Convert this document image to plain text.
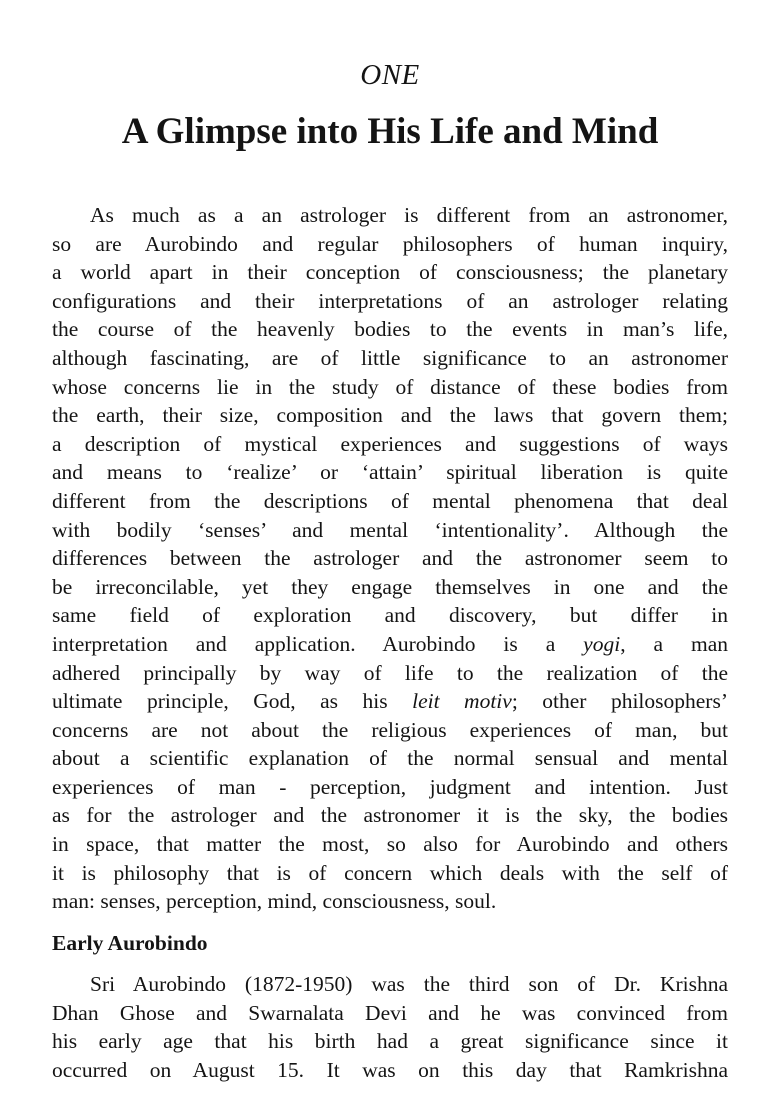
ONE
A Glimpse into His Life and Mind

As much as a an astrologer is different from an astronomer,
so are Aurobindo and regular philosophers of human inquiry,
a world apart in their conception of consciousness; the planetary
configurations and their interpretations of an astrologer relating
the course of the heavenly bodies to the events in man’s life,
although fascinating, are of little significance to an astronomer
whose concerns lie in the study of distance of these bodies from
the earth, their size, composition and the laws that govern them;
a description of mystical experiences and suggestions of ways
and means to ‘realize’ or ‘attain’ spiritual liberation is quite
different from the descriptions of mental phenomena that deal
with bodily ‘senses’ and mental ‘intentionality’. Although the
differences between the astrologer and the astronomer seem to
be irreconcilable, yet they engage themselves in one and the
same field of exploration and discovery, but differ in
interpretation and application. Aurobindo is a yogi, a man
adhered principally by way of life to the realization of the
ultimate principle, God, as his leit motiv; other philosophers’
concerns are not about the religious experiences of man, but
about a scientific explanation of the normal sensual and mental
experiences of man - perception, judgment and intention. Just
as for the astrologer and the astronomer it is the sky, the bodies
in space, that matter the most, so also for Aurobindo and others
it is philosophy that is of concern which deals with the self of
man: senses, perception, mind, consciousness, soul.

Early Aurobindo

Sri Aurobindo (1872-1950) was the third son of Dr. Krishna
Dhan Ghose and Swarnalata Devi and he was convinced from
his early age that his birth had a great significance since it
occurred on August 15. It was on this day that Ramkrishna
